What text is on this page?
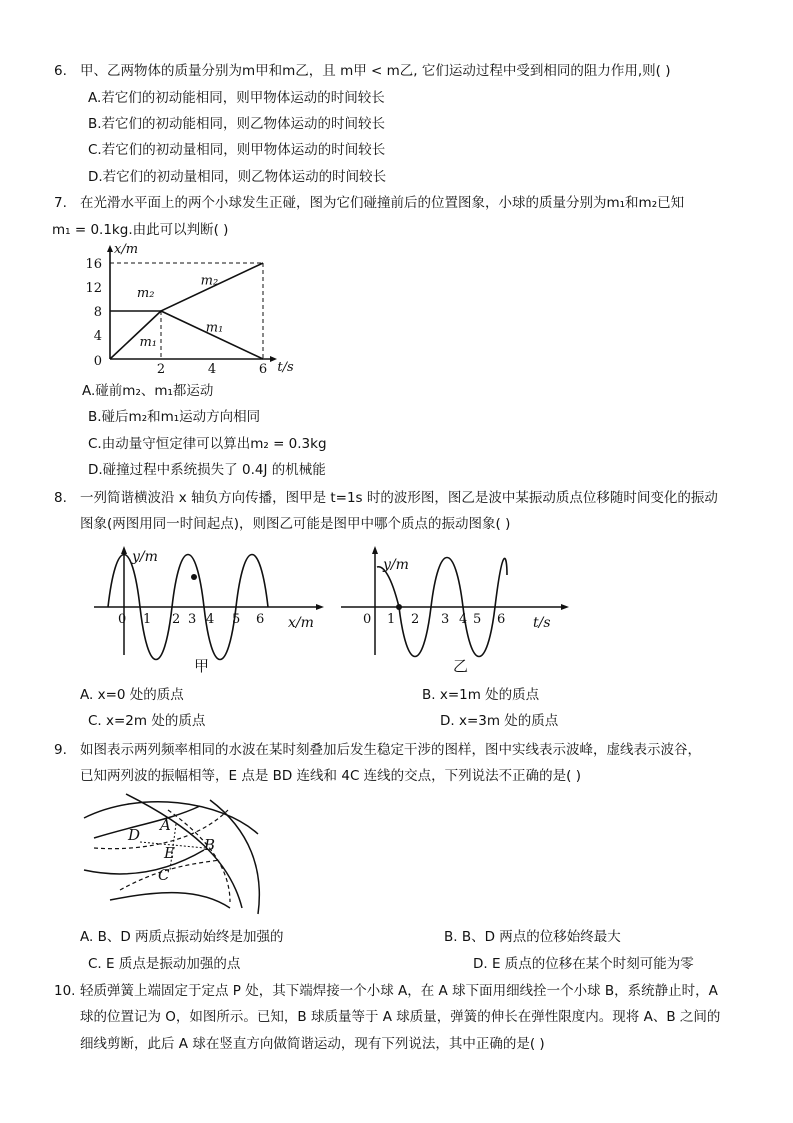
6. 甲、乙两物体的质量分别为m甲和m乙，且 m甲 < m乙, 它们运动过程中受到相同的阻力作用,则( )
A.若它们的初动能相同，则甲物体运动的时间较长
B.若它们的初动能相同，则乙物体运动的时间较长
C.若它们的初动量相同，则甲物体运动的时间较长
D.若它们的初动量相同，则乙物体运动的时间较长
7. 在光滑水平面上的两个小球发生正碰，图为它们碰撞前后的位置图象，小球的质量分别为m₁和m₂已知
m₁ = 0.1kg.由此可以判断( )
4
8
12
16
2	4	6
0
x/m
t/s
m₂
m₁
m₂
m₁
A.碰前m₂、m₁都运动
B.碰后m₂和m₁运动方向相同
C.由动量守恒定律可以算出m₂ = 0.3kg
D.碰撞过程中系统损失了 0.4J 的机械能
8. 一列简谐横波沿 x 轴负方向传播，图甲是 t=1s 时的波形图，图乙是波中某振动质点位移随时间变化的振动
图象(两图用同一时间起点)，则图乙可能是图甲中哪个质点的振动图象( )
0 1 2 3 4 5 6
y/m
x/m
甲
0 1 2 3 4 5 6
y/m
t/s
乙
A. x=0 处的质点	B. x=1m 处的质点
C. x=2m 处的质点	D. x=3m 处的质点
9. 如图表示两列频率相同的水波在某时刻叠加后发生稳定干涉的图样，图中实线表示波峰，虚线表示波谷，
已知两列波的振幅相等，E 点是 BD 连线和 4C 连线的交点，下列说法不正确的是( )
A
B
C
D
E
A. B、D 两质点振动始终是加强的	B. B、D 两点的位移始终最大
C. E 质点是振动加强的点	D. E 质点的位移在某个时刻可能为零
10. 轻质弹簧上端固定于定点 P 处，其下端焊接一个小球 A，在 A 球下面用细线拴一个小球 B，系统静止时，A
球的位置记为 O，如图所示。已知，B 球质量等于 A 球质量，弹簧的伸长在弹性限度内。现将 A、B 之间的
细线剪断，此后 A 球在竖直方向做简谐运动，现有下列说法，其中正确的是( )
